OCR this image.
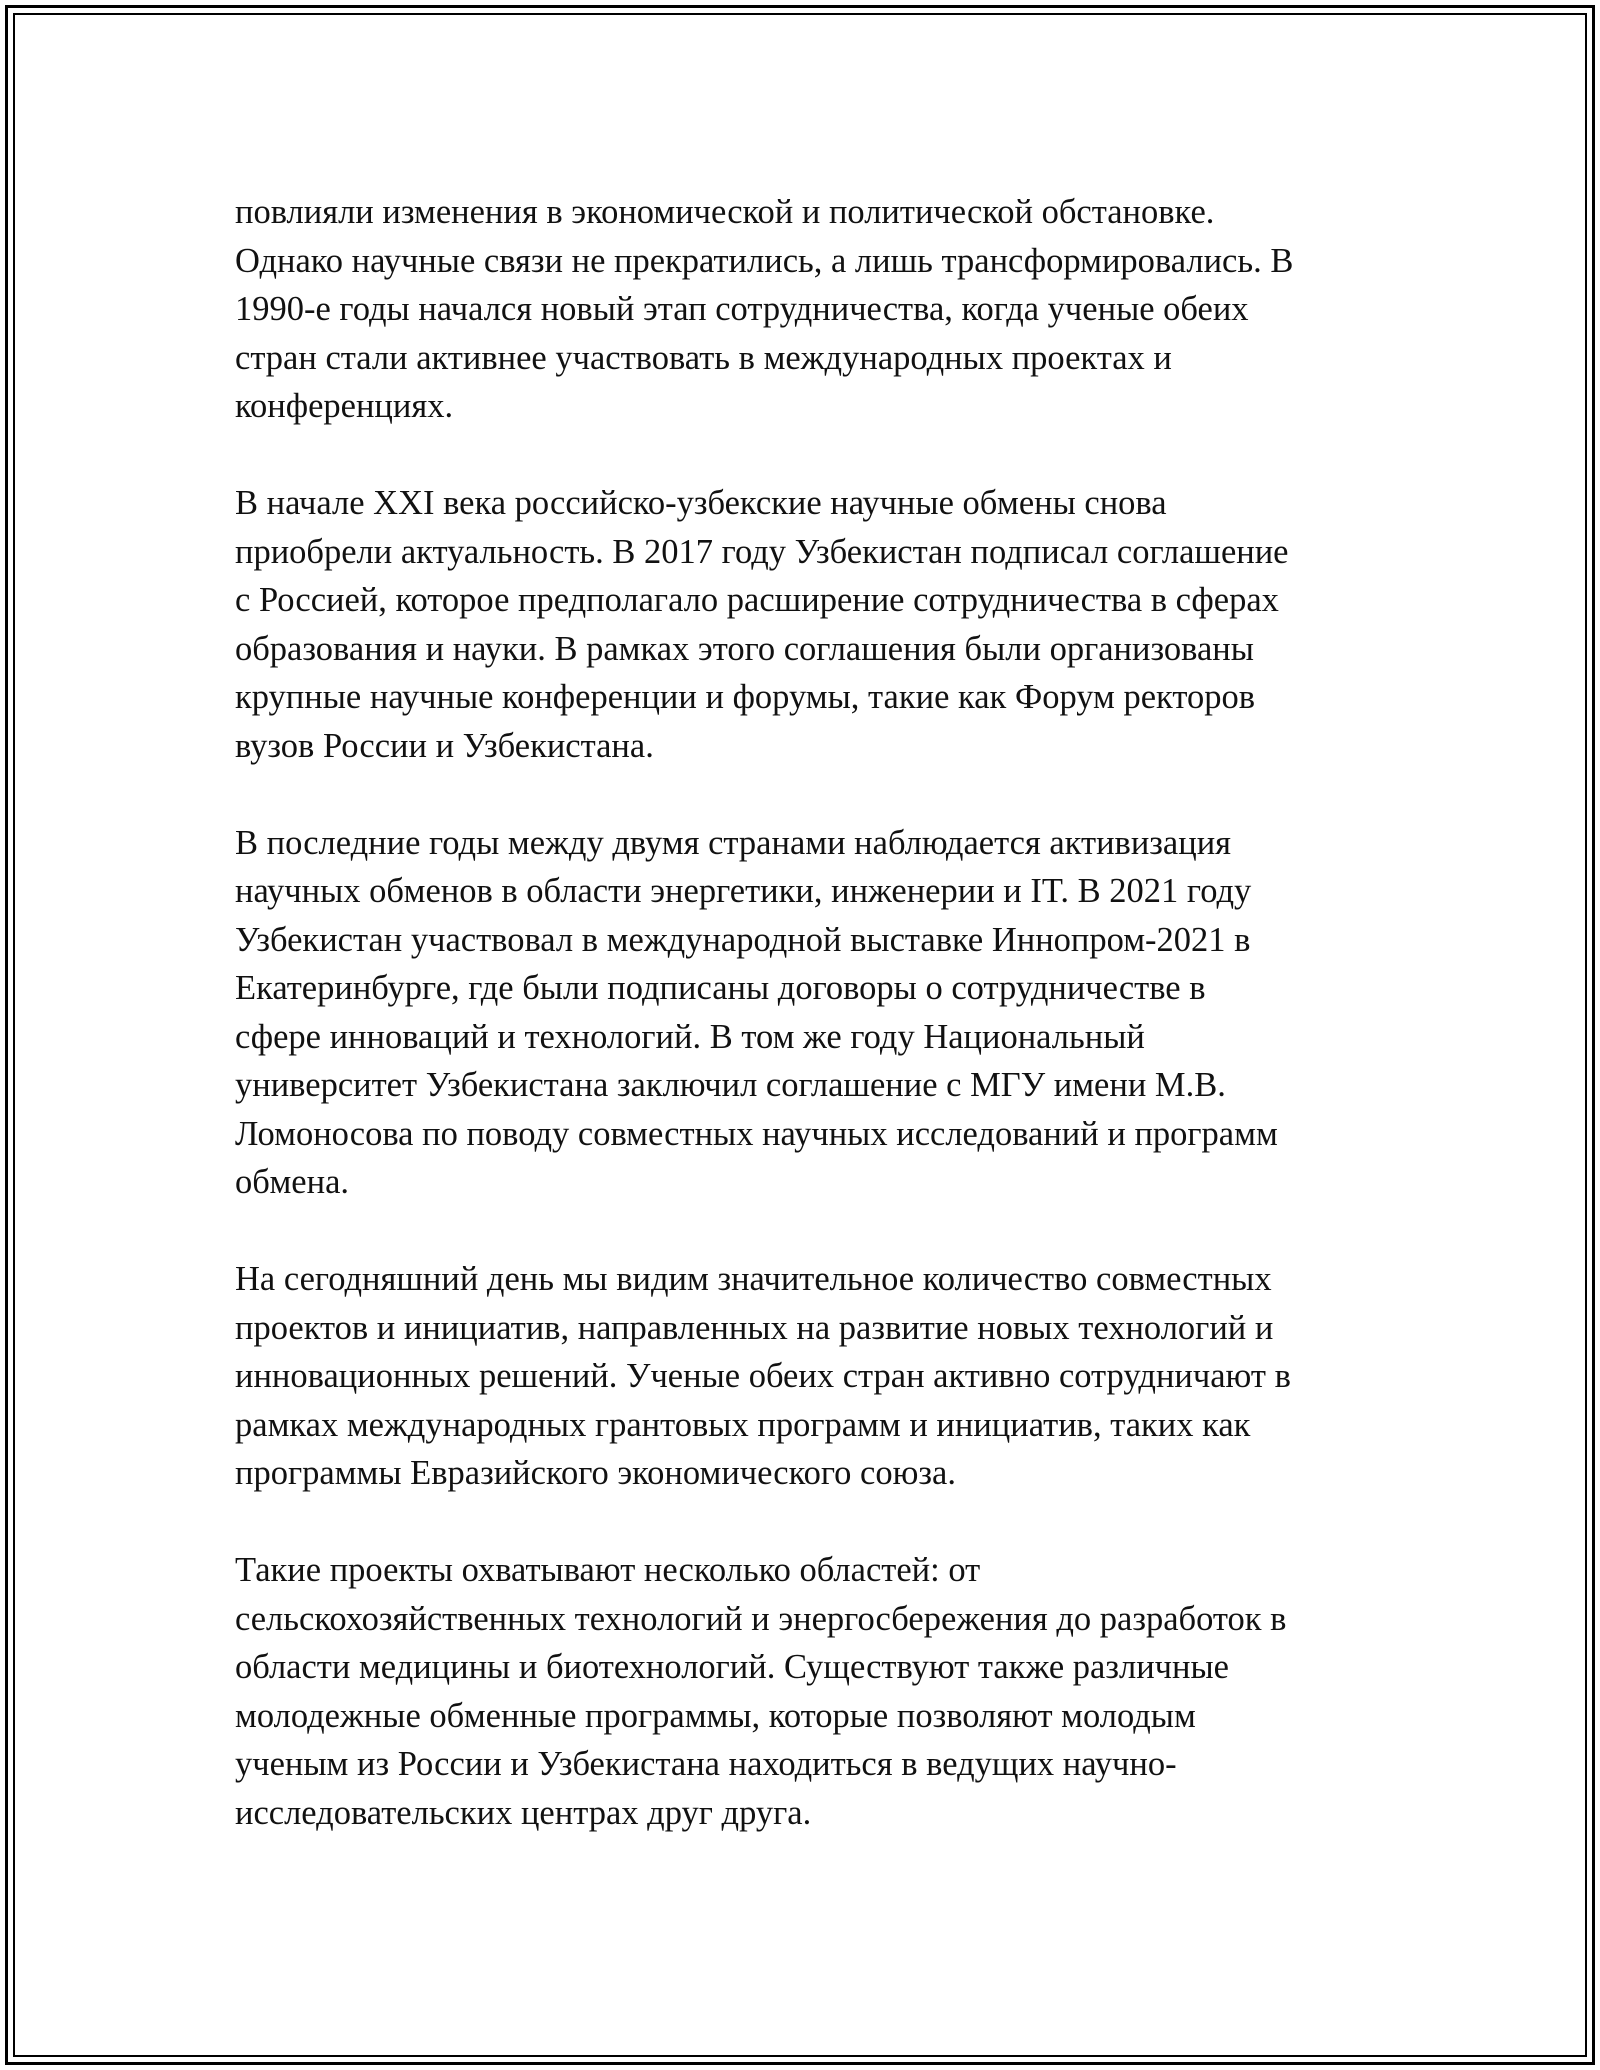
повлияли изменения в экономической и политической обстановке.
Однако научные связи не прекратились, а лишь трансформировались. В
1990-е годы начался новый этап сотрудничества, когда ученые обеих
стран стали активнее участвовать в международных проектах и
конференциях.

В начале XXI века российско-узбекские научные обмены снова
приобрели актуальность. В 2017 году Узбекистан подписал соглашение
с Россией, которое предполагало расширение сотрудничества в сферах
образования и науки. В рамках этого соглашения были организованы
крупные научные конференции и форумы, такие как Форум ректоров
вузов России и Узбекистана.

В последние годы между двумя странами наблюдается активизация
научных обменов в области энергетики, инженерии и IT. В 2021 году
Узбекистан участвовал в международной выставке Иннопром-2021 в
Екатеринбурге, где были подписаны договоры о сотрудничестве в
сфере инноваций и технологий. В том же году Национальный
университет Узбекистана заключил соглашение с МГУ имени М.В.
Ломоносова по поводу совместных научных исследований и программ
обмена.

На сегодняшний день мы видим значительное количество совместных
проектов и инициатив, направленных на развитие новых технологий и
инновационных решений. Ученые обеих стран активно сотрудничают в
рамках международных грантовых программ и инициатив, таких как
программы Евразийского экономического союза.

Такие проекты охватывают несколько областей: от
сельскохозяйственных технологий и энергосбережения до разработок в
области медицины и биотехнологий. Существуют также различные
молодежные обменные программы, которые позволяют молодым
ученым из России и Узбекистана находиться в ведущих научно-
исследовательских центрах друг друга.
